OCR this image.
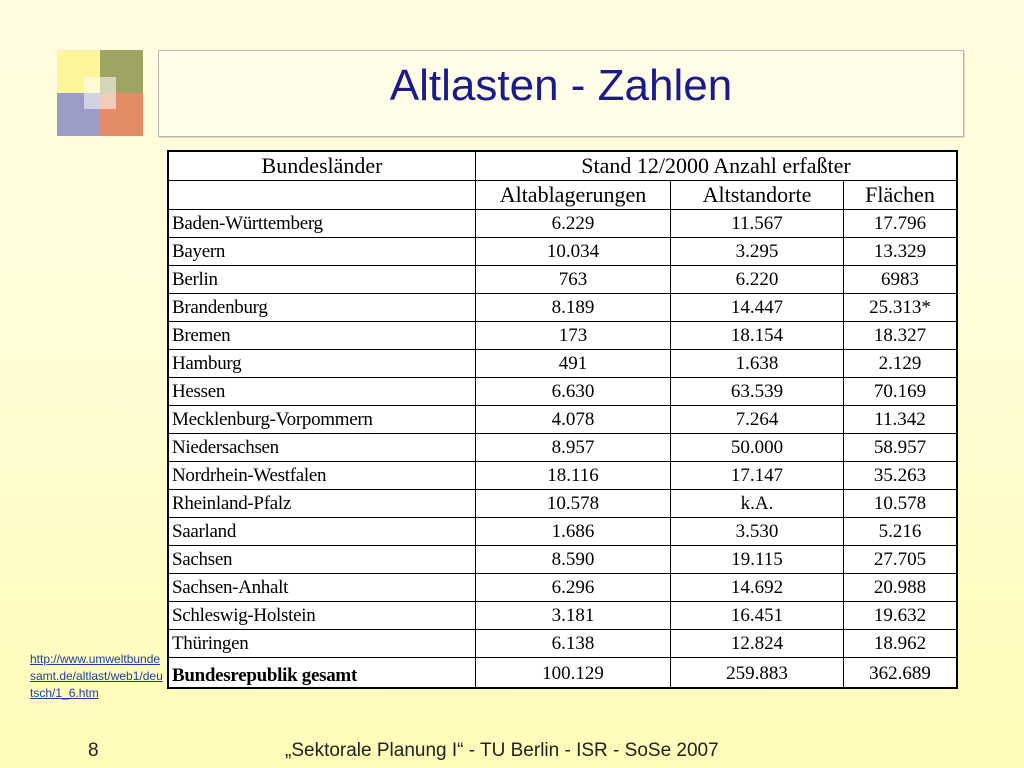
Altlasten - Zahlen
Bundesländer	Stand 12/2000 Anzahl erfaßter		
	Altablagerungen	Altstandorte	Flächen
Baden-Württemberg	6.229	11.567	17.796
Bayern	10.034	3.295	13.329
Berlin	763	6.220	6983
Brandenburg	8.189	14.447	25.313*
Bremen	173	18.154	18.327
Hamburg	491	1.638	2.129
Hessen	6.630	63.539	70.169
Mecklenburg-Vorpommern	4.078	7.264	11.342
Niedersachsen	8.957	50.000	58.957
Nordrhein-Westfalen	18.116	17.147	35.263
Rheinland-Pfalz	10.578	k.A.	10.578
Saarland	1.686	3.530	5.216
Sachsen	8.590	19.115	27.705
Sachsen-Anhalt	6.296	14.692	20.988
Schleswig-Holstein	3.181	16.451	19.632
Thüringen	6.138	12.824	18.962
Bundesrepublik gesamt	100.129	259.883	362.689
http://www.umweltbundesamt.de/altlast/web1/deutsch/1_6.htm
8	„Sektorale Planung I“ - TU Berlin - ISR - SoSe 2007
